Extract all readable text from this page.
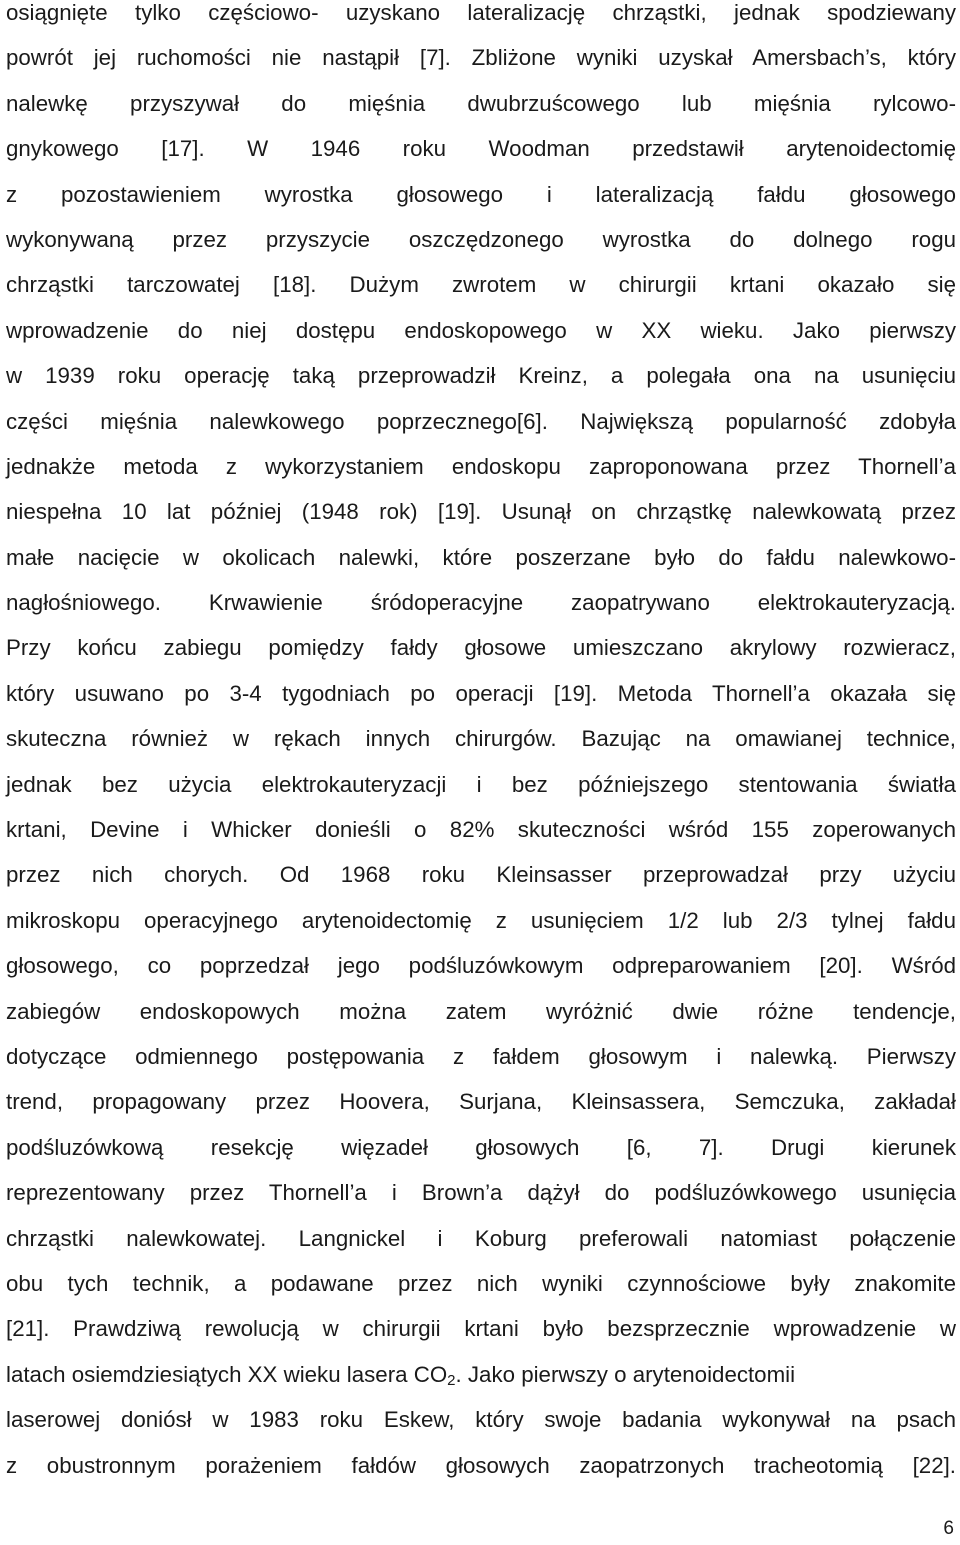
osiągnięte tylko częściowo- uzyskano lateralizację chrząstki, jednak spodziewany
powrót jej ruchomości nie nastąpił [7]. Zbliżone wyniki uzyskał Amersbach’s, który
nalewkę przyszywał do mięśnia dwubrzuścowego lub mięśnia rylcowo-
gnykowego [17]. W 1946 roku Woodman przedstawił arytenoidectomię
z pozostawieniem wyrostka głosowego i lateralizacją fałdu głosowego
wykonywaną przez przyszycie oszczędzonego wyrostka do dolnego rogu
chrząstki tarczowatej [18]. Dużym zwrotem w chirurgii krtani okazało się
wprowadzenie do niej dostępu endoskopowego w XX wieku. Jako pierwszy
w 1939 roku operację taką przeprowadził Kreinz, a polegała ona na usunięciu
części mięśnia nalewkowego poprzecznego[6]. Największą popularność zdobyła
jednakże metoda z wykorzystaniem endoskopu zaproponowana przez Thornell’a
niespełna 10 lat później (1948 rok) [19]. Usunął on chrząstkę nalewkowatą przez
małe nacięcie w okolicach nalewki, które poszerzane było do fałdu nalewkowo-
nagłośniowego. Krwawienie śródoperacyjne zaopatrywano elektrokauteryzacją.
Przy końcu zabiegu pomiędzy fałdy głosowe umieszczano akrylowy rozwieracz,
który usuwano po 3-4 tygodniach po operacji [19]. Metoda Thornell’a okazała się
skuteczna również w rękach innych chirurgów. Bazując na omawianej technice,
jednak bez użycia elektrokauteryzacji i bez późniejszego stentowania światła
krtani, Devine i Whicker donieśli o 82% skuteczności wśród 155 zoperowanych
przez nich chorych. Od 1968 roku Kleinsasser przeprowadzał przy użyciu
mikroskopu operacyjnego arytenoidectomię z usunięciem 1/2 lub 2/3 tylnej fałdu
głosowego, co poprzedzał jego podśluzówkowym odpreparowaniem [20]. Wśród
zabiegów endoskopowych można zatem wyróżnić dwie różne tendencje,
dotyczące odmiennego postępowania z fałdem głosowym i nalewką. Pierwszy
trend, propagowany przez Hoovera, Surjana, Kleinsassera, Semczuka, zakładał
podśluzówkową resekcję więzadeł głosowych [6, 7]. Drugi kierunek
reprezentowany przez Thornell’a i Brown’a dążył do podśluzówkowego usunięcia
chrząstki nalewkowatej. Langnickel i Koburg preferowali natomiast połączenie
obu tych technik, a podawane przez nich wyniki czynnościowe były znakomite
[21]. Prawdziwą rewolucją w chirurgii krtani było bezsprzecznie wprowadzenie w
latach osiemdziesiątych XX wieku lasera $CO_2$. Jako pierwszy o arytenoidectomii
laserowej doniósł w 1983 roku Eskew, który swoje badania wykonywał na psach
z obustronnym porażeniem fałdów głosowych zaopatrzonych tracheotomią [22].
6
